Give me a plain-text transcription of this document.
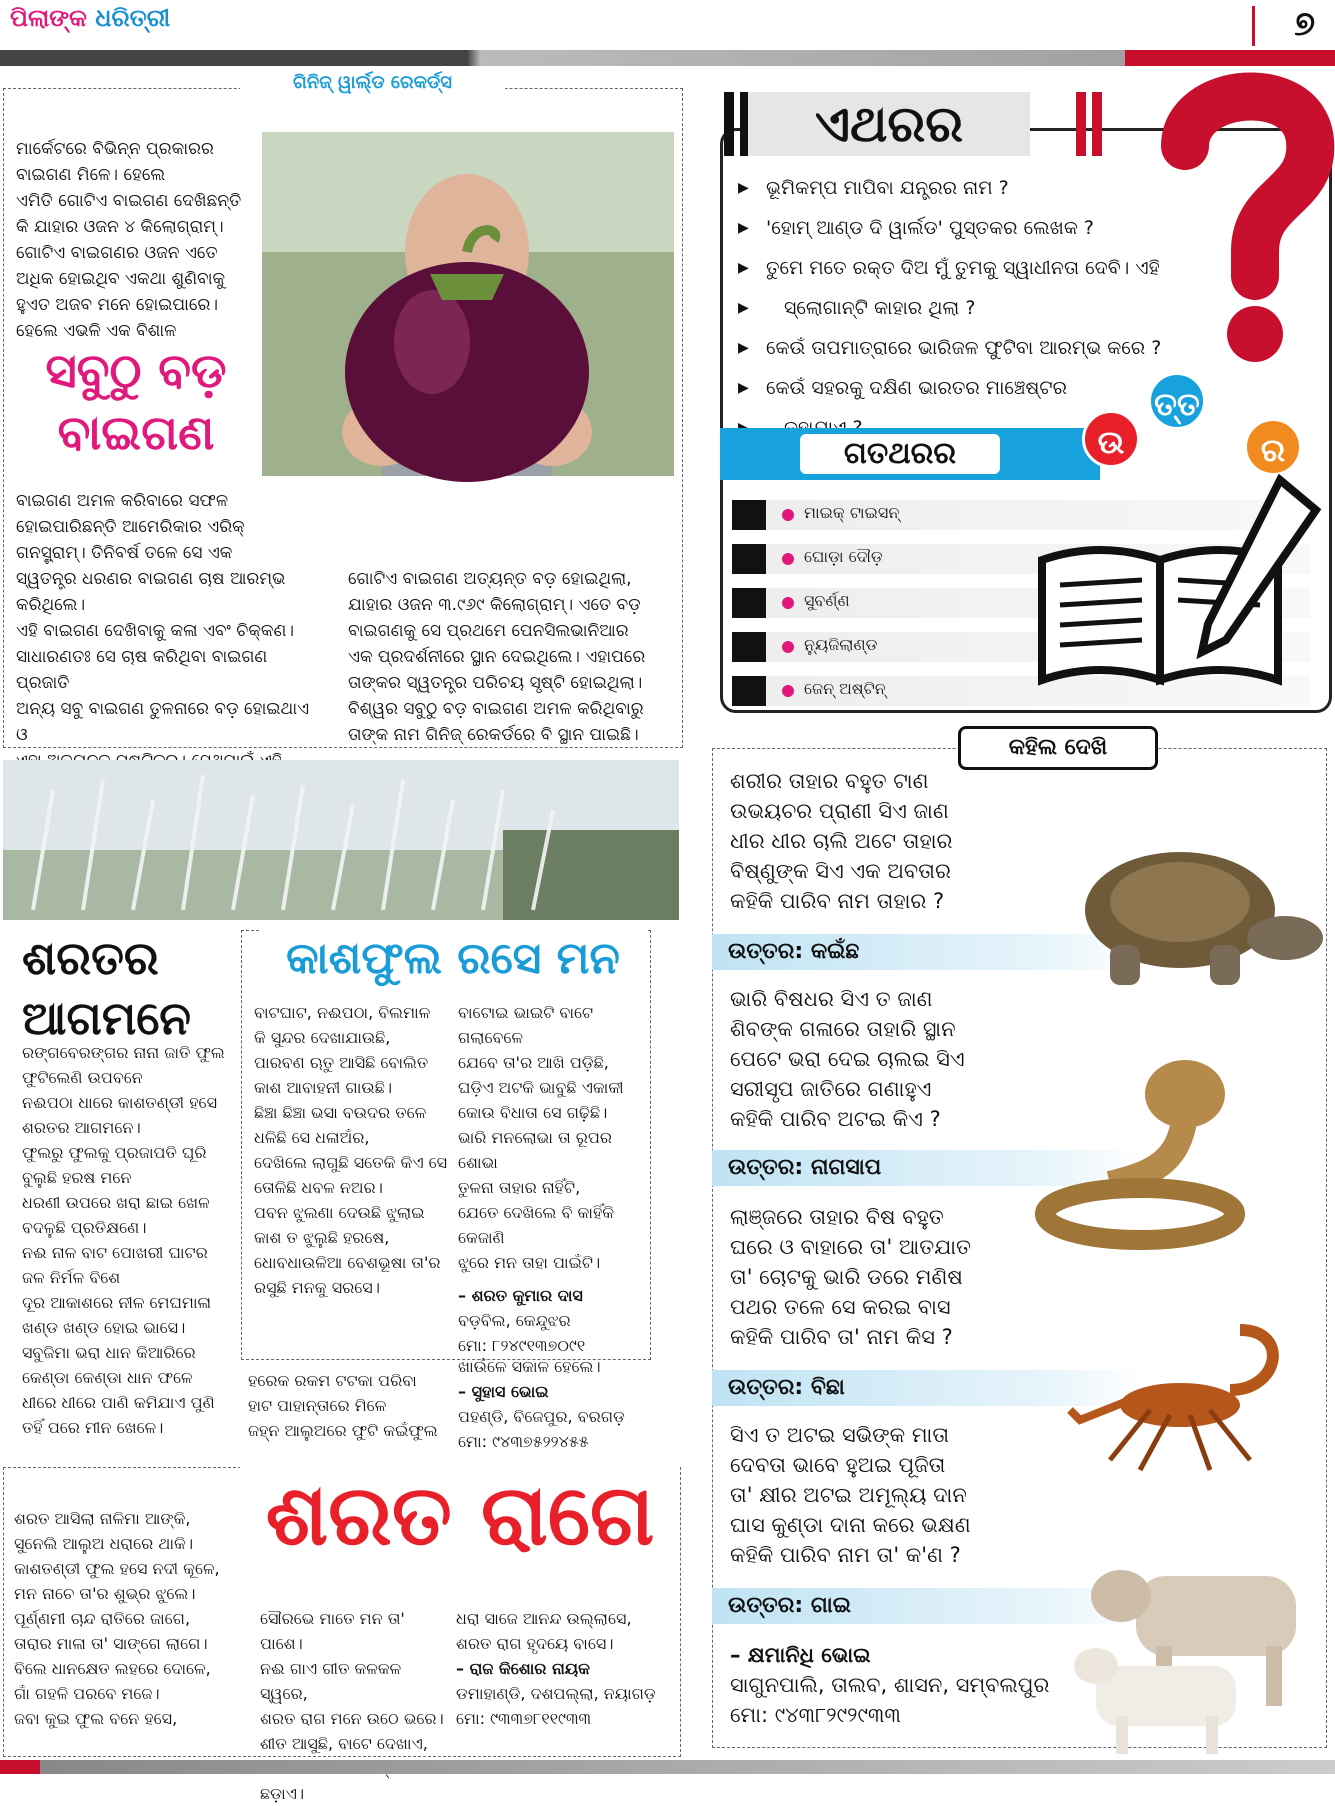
ପିଲାଙ୍କ ଧରିତ୍ରୀ	୭
ଗିନିଜ୍ ୱାର୍ଲ୍ଡ ରେକର୍ଡ୍ସ

ମାର୍କେଟରେ ବିଭିନ୍ନ ପ୍ରକାରର

ବାଇଗଣ ମିଳେ। ହେଲେ

ଏମିତି ଗୋଟିଏ ବାଇଗଣ ଦେଖିଛନ୍ତି

କି ଯାହାର ଓଜନ ୪ କିଲୋଗ୍ରାମ୍।

ଗୋଟିଏ ବାଇଗଣର ଓଜନ ଏତେ

ଅଧିକ ହୋଇଥିବ ଏକଥା ଶୁଣିବାକୁ

ହୁଏତ ଅଜବ ମନେ ହୋଇପାରେ।

ହେଲେ ଏଭଳି ଏକ ବିଶାଳ

ସବୁଠୁ ବଡ଼
ବାଇଗଣ

ବାଇଗଣ ଅମଳ କରିବାରେ ସଫଳ

ହୋଇପାରିଛନ୍ତି ଆମେରିକାର ଏରିକ୍

ଗନସ୍ଟ୍ରାମ୍। ତିନିବର୍ଷ ତଳେ ସେ ଏକ

ସ୍ୱତନ୍ତ୍ର ଧରଣର ବାଇଗଣ ଚାଷ ଆରମ୍ଭ କରିଥିଲେ।

ଏହି ବାଇଗଣ ଦେଖିବାକୁ କଳା ଏବଂ ଚିକ୍କଣ।

ସାଧାରଣତଃ ସେ ଚାଷ କରିଥିବା ବାଇଗଣ ପ୍ରଜାତି

ଅନ୍ୟ ସବୁ ବାଇଗଣ ତୁଳନାରେ ବଡ଼ ହୋଇଥାଏ ଓ

ଗୋଟିଏ ବାଇଗଣ ଅତ୍ୟନ୍ତ ବଡ଼ ହୋଇଥିଲା,

ଯାହାର ଓଜନ ୩.୯୬୯ କିଲୋଗ୍ରାମ୍। ଏତେ ବଡ଼

ବାଇଗଣକୁ ସେ ପ୍ରଥମେ ପେନସିଲଭାନିଆର

ଏକ ପ୍ରଦର୍ଶନୀରେ ସ୍ଥାନ ଦେଇଥିଲେ। ଏହାପରେ

ତାଙ୍କର ସ୍ୱତନ୍ତ୍ର ପରିଚୟ ସୃଷ୍ଟି ହୋଇଥିଲା।

ବିଶ୍ୱର ସବୁଠୁ ବଡ଼ ବାଇଗଣ ଅମଳ କରିଥିବାରୁ

ତାଙ୍କ ନାମ ଗିନିଜ୍ ରେକର୍ଡରେ ବି ସ୍ଥାନ ପାଇଛି।

ଏଥରର
▶ ଭୂମିକମ୍ପ ମାପିବା ଯନ୍ତ୍ରର ନାମ ?
▶ 'ହୋମ୍ ଆଣ୍ଡ ଦି ୱାର୍ଲଡ' ପୁସ୍ତକର ଲେଖକ ?
▶ ତୁମେ ମତେ ରକ୍ତ ଦିଅ ମୁଁ ତୁମକୁ ସ୍ୱାଧୀନତା ଦେବି। ଏହି
▶ ସ୍ଲୋଗାନ୍‌ଟି କାହାର ଥିଲା ?
▶ କେଉଁ ତାପମାତ୍ରାରେ ଭାରିଜଳ ଫୁଟିବା ଆରମ୍ଭ କରେ ?
▶ କେଉଁ ସହରକୁ ଦକ୍ଷିଣ ଭାରତର ମାଞ୍ଚେଷ୍ଟର
▶
ଗତଥରର	ଉ
ତ୍ତ
ର
ମାଇକ୍ ଟାଇସନ୍
ଘୋଡ଼ା ଦୌଡ଼
ସୁବର୍ଣ୍ଣ
ନ୍ୟୁଜିଲାଣ୍ଡ
ଜେନ୍ ଅଷ୍ଟିନ୍
କହିଲ ଦେଖି

ଶରୀର ତାହାର ବହୁତ ଟାଣ

ଉଭୟଚର ପ୍ରାଣୀ ସିଏ ଜାଣ

ଧୀର ଧୀର ଚାଲି ଅଟେ ତାହାର

ବିଷ୍ଣୁଙ୍କ ସିଏ ଏକ ଅବତାର

କହିକି ପାରିବ ନାମ ତାହାର ?

ଉତ୍ତର: କଇଁଛ

ଭାରି ବିଷଧର ସିଏ ତ ଜାଣ

ଶିବଙ୍କ ଗଳାରେ ତାହାରି ସ୍ଥାନ

ପେଟେ ଭରା ଦେଇ ଚାଲଇ ସିଏ

ସରୀସୃପ ଜାତିରେ ଗଣାହୁଏ

କହିକି ପାରିବ ଅଟଇ କିଏ ?

ଉତ୍ତର: ନାଗସାପ

ଲାଞ୍ଜରେ ତାହାର ବିଷ ବହୁତ

ଘରେ ଓ ବାହାରେ ତା' ଆତଯାତ

ତା' ଚୋଟକୁ ଭାରି ଡରେ ମଣିଷ

ପଥର ତଳେ ସେ କରଇ ବାସ

କହିକି ପାରିବ ତା' ନାମ କିସ ?

ଉତ୍ତର: ବିଛା

ସିଏ ତ ଅଟଇ ସଭିଙ୍କ ମାତା

ଦେବତା ଭାବେ ହୁଅଇ ପୂଜିତା

ତା' କ୍ଷୀର ଅଟଇ ଅମୂଲ୍ୟ ଦାନ

ଘାସ କୁଣ୍ଡା ଦାନା କରେ ଭକ୍ଷଣ

କହିକି ପାରିବ ନାମ ତା' କ'ଣ ?

ଉତ୍ତର: ଗାଇ

– କ୍ଷମାନିଧି ଭୋଇ

ସାଗୁନପାଲି, ତାଲବ, ଶାସନ, ସମ୍ବଲପୁର

ମୋ: ୯୪୩୮୨୯୨୯୩୩

ଶରତର
ଆଗମନେ

ରଙ୍ଗବେରଙ୍ଗର ନାନା ଜାତି ଫୁଲ

ଫୁଟିଲେଣି ଉପବନେ

ନଈପଠା ଧାରେ କାଶତଣ୍ଡୀ ହସେ

ଶରତର ଆଗମନେ।

ଫୁଲରୁ ଫୁଲକୁ ପ୍ରଜାପତି ଘୂରି

ବୁଲୁଛି ହରଷ ମନେ

ଧରଣୀ ଉପରେ ଖରା ଛାଇ ଖେଳ

ବଦଳୁଛି ପ୍ରତିକ୍ଷଣେ।

ନଈ ନାଳ ବାଟ ପୋଖରୀ ଘାଟର

ଜଳ ନିର୍ମଳ ବିଶେ

ଦୂର ଆକାଶରେ ନୀଳ ମେଘମାଳା

ଖଣ୍ଡ ଖଣ୍ଡ ହୋଇ ଭାସେ।

ସବୁଜିମା ଭରା ଧାନ କିଆରିରେ

କେଣ୍ଡା କେଣ୍ଡା ଧାନ ଫଳେ

ଧୀରେ ଧୀରେ ପାଣି କମିଯାଏ ପୁଣି

ତହିଁ ପରେ ମୀନ ଖେଳେ।

ହରେକ ରକମ ଟଟକା ପରିବା

ହାଟ ପାହାନ୍ତାରେ ମିଳେ

ଜହ୍ନ ଆଲୁଅରେ ଫୁଟି କଇଁଫୁଲ

ଖାଉଁଳେ ସକାଳ ହେଲେ।

– ସୁହାସ ଭୋଇ

ପହଣ୍ଡି, ବିଜେପୁର, ବରଗଡ଼

ମୋ: ୯୪୩୭୫୨୨୪୫୫

କାଶଫୁଲ ରସେ ମନ

ବାଟଘାଟ, ନଈପଠା, ବିଲମାଳ

କି ସୁନ୍ଦର ଦେଖାଯାଉଛି,

ପାରବଣ ଋତୁ ଆସିଛି ବୋଲିତ

କାଶ ଆବାହନୀ ଗାଉଛି।

ଛିଞ୍ଚା ଛିଞ୍ଚା ଭସା ବଉଦର ତଳେ

ଧଳିଛି ସେ ଧଳାଅଁର,

ଦେଖିଲେ ଲାଗୁଛି ସତେକି କିଏ ସେ

ତୋଳିଛି ଧବଳ ନଅର।

ପବନ ଝୁଲଣା ଦେଉଛି ଝୁଲାଇ

କାଶ ତ ଝୁଲୁଛି ହରଷେ,

ଧୋବଧାଉଳିଆ ବେଶଭୂଷା ତା'ର

ରସୁଛି ମନକୁ ସରସେ।

ବାଟୋଇ ଭାଇଟି ବାଟେ ଗଲାବେଳେ

ଯେବେ ତା'ର ଆଖି ପଡ଼ିଛି,

ଘଡ଼ିଏ ଅଟକି ଭାବୁଛି ଏକାକୀ

କୋଉ ବିଧାତା ସେ ଗଢ଼ିଛି।

ଭାରି ମନଲୋଭା ତା ରୂପର ଶୋଭା

ତୁଳନା ତାହାର ନାହିଁଟି,

ଯେତେ ଦେଖିଲେ ବି କାହିଁକି କେଜାଣି

ଝୁରେ ମନ ତାହା ପାଇଁଟି।

– ଶରତ କୁମାର ଦାସ

ବଡ଼ବିଲ, କେନ୍ଦୁଝର

ମୋ: ୮୨୪୯୧୩୭୦୯୧

ଶରତ ରାଗେ

ଶରତ ଆସିଲା ନାଳିମା ଆଙ୍କି,

ସୁନେଲି ଆଲୁଅ ଧରାରେ ଥାକି।

କାଶତଣ୍ଡୀ ଫୁଲ ହସେ ନଦୀ କୂଳେ,

ମନ ନାଚେ ତା'ର ଶୁଭ୍ର ଝୁଲେ।

ପୂର୍ଣ୍ଣମୀ ଚାନ୍ଦ ରାତିରେ ଜାଗେ,

ତାରାର ମାଳା ତା' ସାଙ୍ଗେ ଲାଗେ।

ବିଲେ ଧାନକ୍ଷେତ ଲହରେ ଦୋଳେ,

ଗାଁ ଗହଳି ପରବେ ମଜେ।

ଜବା କୁଇ ଫୁଲ ବନେ ହସେ,

ସୌରଭେ ମାତେ ମନ ତା' ପାଶେ।

ନଈ ଗାଏ ଗୀତ କଳକଳ ସ୍ୱରେ,

ଶରତ ରାଗ ମନେ ଉଠେ ଭରେ।

ଶୀତ ଆସୁଛି, ବାଟେ ଦେଖାଏ,

ଛଡ଼ାଏ।

ଧରା ସାଜେ ଆନନ୍ଦ ଉଲ୍ଲାସେ,

ଶରତ ରାଗ ହୃଦୟେ ବାସେ।

– ରାଜ କିଶୋର ନାୟକ

ଡମାହାଣ୍ଡି, ଦଶପଲ୍ଲା, ନୟାଗଡ଼

ମୋ: ୯୩୩୭୮୧୧୯୩୩
